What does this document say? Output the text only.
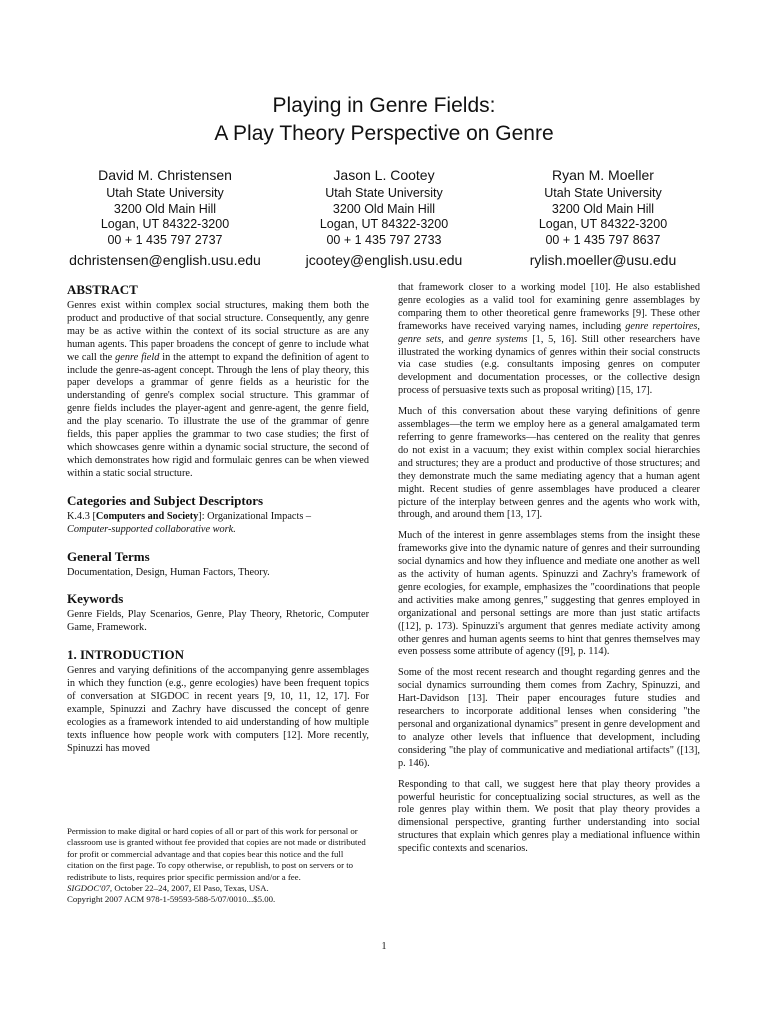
Playing in Genre Fields:
A Play Theory Perspective on Genre
David M. Christensen
Utah State University
3200 Old Main Hill
Logan, UT 84322-3200
00 + 1 435 797 2737
dchristensen@english.usu.edu
Jason L. Cootey
Utah State University
3200 Old Main Hill
Logan, UT 84322-3200
00 + 1 435 797 2733
jcootey@english.usu.edu
Ryan M. Moeller
Utah State University
3200 Old Main Hill
Logan, UT 84322-3200
00 + 1 435 797 8637
rylish.moeller@usu.edu
ABSTRACT

Genres exist within complex social structures, making them both the product and productive of that social structure. Consequently, any genre may be as active within the context of its social structure as are any human agents. This paper broadens the concept of genre to include what we call the genre field in the attempt to expand the definition of agent to include the genre-as-agent concept. Through the lens of play theory, this paper develops a grammar of genre fields as a heuristic for the understanding of genre's complex social structure. This grammar of genre fields includes the player-agent and genre-agent, the genre field, and the play scenario. To illustrate the use of the grammar of genre fields, this paper applies the grammar to two case studies; the first of which showcases genre within a dynamic social structure, the second of which demonstrates how rigid and formulaic genres can be when viewed within a static social structure.

Categories and Subject Descriptors

K.4.3 [Computers and Society]: Organizational Impacts –
Computer-supported collaborative work.

General Terms

Documentation, Design, Human Factors, Theory.

Keywords

Genre Fields, Play Scenarios, Genre, Play Theory, Rhetoric, Computer Game, Framework.

1. INTRODUCTION

Genres and varying definitions of the accompanying genre assemblages in which they function (e.g., genre ecologies) have been frequent topics of conversation at SIGDOC in recent years [9, 10, 11, 12, 17]. For example, Spinuzzi and Zachry have discussed the concept of genre ecologies as a framework intended to aid understanding of how multiple texts influence how people work with computers [12]. More recently, Spinuzzi has moved

Permission to make digital or hard copies of all or part of this work for personal or classroom use is granted without fee provided that copies are not made or distributed for profit or commercial advantage and that copies bear this notice and the full citation on the first page. To copy otherwise, or republish, to post on servers or to redistribute to lists, requires prior specific permission and/or a fee.
SIGDOC'07, October 22–24, 2007, El Paso, Texas, USA.
Copyright 2007 ACM 978-1-59593-588-5/07/0010...$5.00.

that framework closer to a working model [10]. He also established genre ecologies as a valid tool for examining genre assemblages by comparing them to other theoretical genre frameworks [9]. These other frameworks have received varying names, including genre repertoires, genre sets, and genre systems [1, 5, 16]. Still other researchers have illustrated the working dynamics of genres within their social constructs via case studies (e.g. consultants imposing genres on computer development and documentation processes, or the collective design process of persuasive texts such as proposal writing) [15, 17].

Much of this conversation about these varying definitions of genre assemblages—the term we employ here as a general amalgamated term referring to genre frameworks—has centered on the reality that genres do not exist in a vacuum; they exist within complex social hierarchies and structures; they are a product and productive of those structures; and they demonstrate much the same mediating agency that a human agent might. Recent studies of genre assemblages have produced a clearer picture of the interplay between genres and the agents who work with, through, and around them [13, 17].

Much of the interest in genre assemblages stems from the insight these frameworks give into the dynamic nature of genres and their surrounding social dynamics and how they influence and mediate one another as well as the activity of human agents. Spinuzzi and Zachry's framework of genre ecologies, for example, emphasizes the "coordinations that people and activities make among genres," suggesting that genres employed in organizational and personal settings are more than just static artifacts ([12], p. 173). Spinuzzi's argument that genres mediate activity among other genres and human agents seems to hint that genres themselves may even possess some attribute of agency ([9], p. 114).

Some of the most recent research and thought regarding genres and the social dynamics surrounding them comes from Zachry, Spinuzzi, and Hart-Davidson [13]. Their paper encourages future studies and researchers to incorporate additional lenses when considering "the personal and organizational dynamics" present in genre development and to analyze other levels that influence that development, including considering "the play of communicative and mediational artifacts" ([13], p. 146).

Responding to that call, we suggest here that play theory provides a powerful heuristic for conceptualizing social structures, as well as the role genres play within them. We posit that play theory provides a dimensional perspective, granting further understanding into social structures that explain which genres play a mediational influence within specific contexts and scenarios.

1
